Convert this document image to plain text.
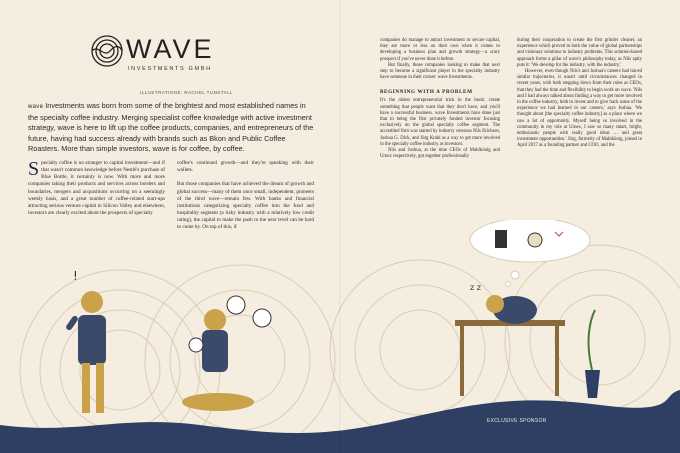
!
z z
WAVE
INVESTMENTS GMBH
ILLUSTRATIONS: RACHEL TUNSTALL

wave Investments was born from some of the brightest and most established names in the specialty coffee industry. Merging specialist coffee knowledge with active investment strategy, wave is here to lift up the coffee products, companies, and entrepreneurs of the future, having had success already with brands such as Bkon and Public Coffee Roasters. More than simple investors, wave is for coffee, by coffee.

Specialty coffee is no stranger to capital investment—and if that wasn't common knowledge before Nestlé's purchase of Blue Bottle, it certainly is now. With more and more companies taking their products and services across borders and boundaries, mergers and acquisitions occurring on a seemingly weekly basis, and a great number of coffee-related start-ups attracting serious venture capital in Silicon Valley and elsewhere, investors are clearly excited about the prospects of specialty

coffee's continued growth—and they're speaking with their wallets.

But those companies that have achieved the dream of growth and global success—many of them once small, independent, pioneers of the third wave—remain few. With banks and financial institutions categorizing specialty coffee into the food and hospitality segment (a risky industry with a relatively low credit rating), the capital to make the push to the next level can be hard to come by. On top of this, if

companies do manage to attract investment or secure capital, they are more or less on their own when it comes to developing a business plan and growth strategy—a scary prospect if you've never done it before.

But finally, those companies looking to make that next step to become a significant player in the specialty industry have someone in their corner: wave Investments.

BEGINNING WITH A PROBLEM

It's the oldest entrepreneurial trick in the book: create something that people want that they don't have, and you'll have a successful business. wave Investments have done just that in being the first privately funded investor focusing exclusively on the global specialty coffee segment. The accredited firm was started by industry veterans Nils Erichsen, Joshua G. Dick, and Jörg Krahl as a way to get more involved in the specialty coffee industry as investors.

Nils and Joshua, at the time CEOs of Mahlkönig and Urnex respectively, got together professionally

during their cooperation to create the first grinder cleaner, an experience which proved to both the value of global partnerships and visionary solutions to industry problems. This solution-based approach forms a pillar of wave's philosophy today, as Nils aptly puts it: 'We develop for the industry, with the industry.'

However, even though Nils's and Joshua's careers had traced similar trajectories, it wasn't until circumstances changed in recent years, with both stepping down from their roles as CEOs, that they had the time and flexibility to begin work on wave. 'Nils and I had always talked about finding a way to get more involved in the coffee industry, both to invest and to give back some of the experience we had learned in our careers,' says Joshua. 'We thought about [the specialty coffee industry] as a place where we saw a lot of opportunity. Myself being so involved in the community in my role at Urnex, I saw so many smart, bright, enthusiastic people with really good ideas … and great investment opportunities.' Jörg, formerly of Mahlkönig, joined in April 2017 as a founding partner and COO, and the

EXCLUSIVE SPONSOR
